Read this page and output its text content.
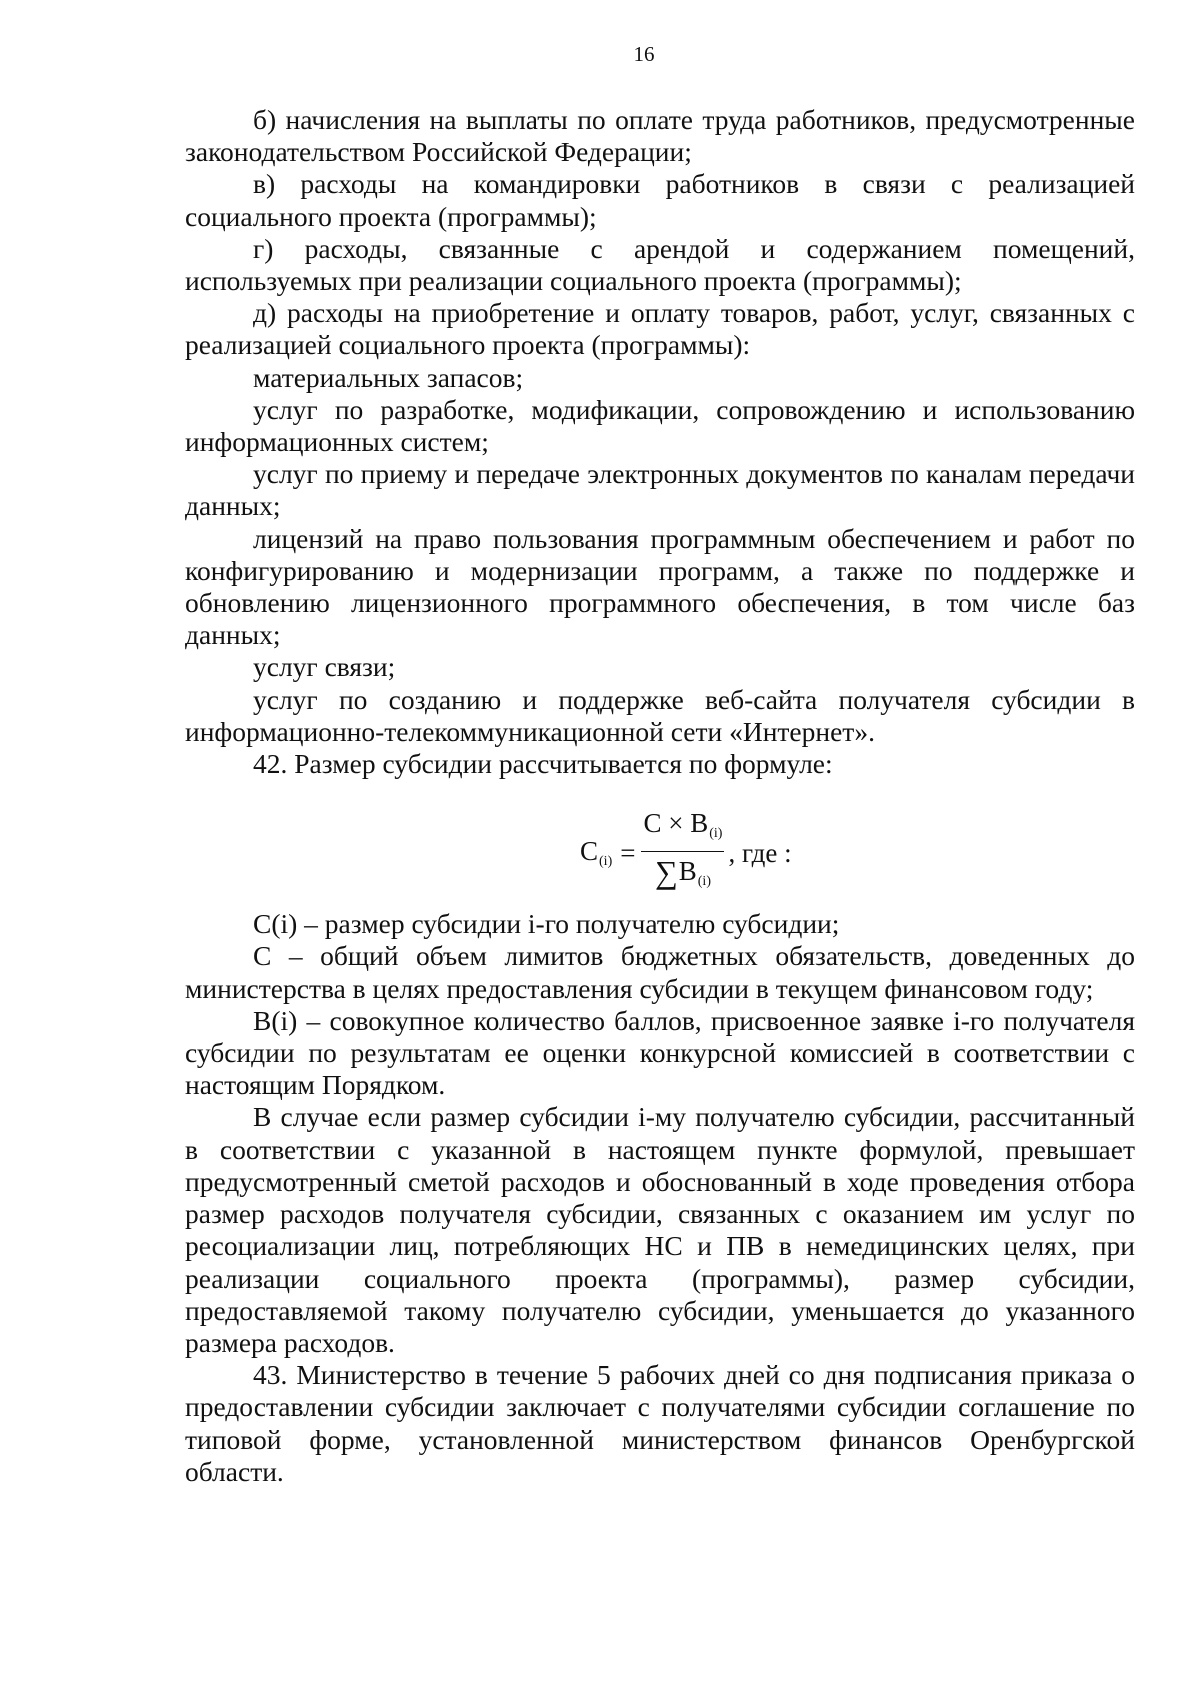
16

б) начисления на выплаты по оплате труда работников, предусмотренные законодательством Российской Федерации;

в) расходы на командировки работников в связи с реализацией социального проекта (программы);

г) расходы, связанные с арендой и содержанием помещений, используемых при реализации социального проекта (программы);

д) расходы на приобретение и оплату товаров, работ, услуг, связанных с реализацией социального проекта (программы):

материальных запасов;

услуг по разработке, модификации, сопровождению и использованию информационных систем;

услуг по приему и передаче электронных документов по каналам передачи данных;

лицензий на право пользования программным обеспечением и работ по конфигурированию и модернизации программ, а также по поддержке и обновлению лицензионного программного обеспечения, в том числе баз данных;

услуг связи;

услуг по созданию и поддержке веб-сайта получателя субсидии в информационно-телекоммуникационной сети «Интернет».

42. Размер субсидии рассчитывается по формуле:

$C(i) = \frac{C \times B(i)}{\sum B(i)}$ , где :

C(i) – размер субсидии i-го получателю субсидии;

C – общий объем лимитов бюджетных обязательств, доведенных до министерства в целях предоставления субсидии в текущем финансовом году;

B(i) – совокупное количество баллов, присвоенное заявке i-го получателя субсидии по результатам ее оценки конкурсной комиссией в соответствии с настоящим Порядком.

В случае если размер субсидии i-му получателю субсидии, рассчитанный в соответствии с указанной в настоящем пункте формулой, превышает предусмотренный сметой расходов и обоснованный в ходе проведения отбора размер расходов получателя субсидии, связанных с оказанием им услуг по ресоциализации лиц, потребляющих НС и ПВ в немедицинских целях, при реализации социального проекта (программы), размер субсидии, предоставляемой такому получателю субсидии, уменьшается до указанного размера расходов.

43. Министерство в течение 5 рабочих дней со дня подписания приказа о предоставлении субсидии заключает с получателями субсидии соглашение по типовой форме, установленной министерством финансов Оренбургской области.
